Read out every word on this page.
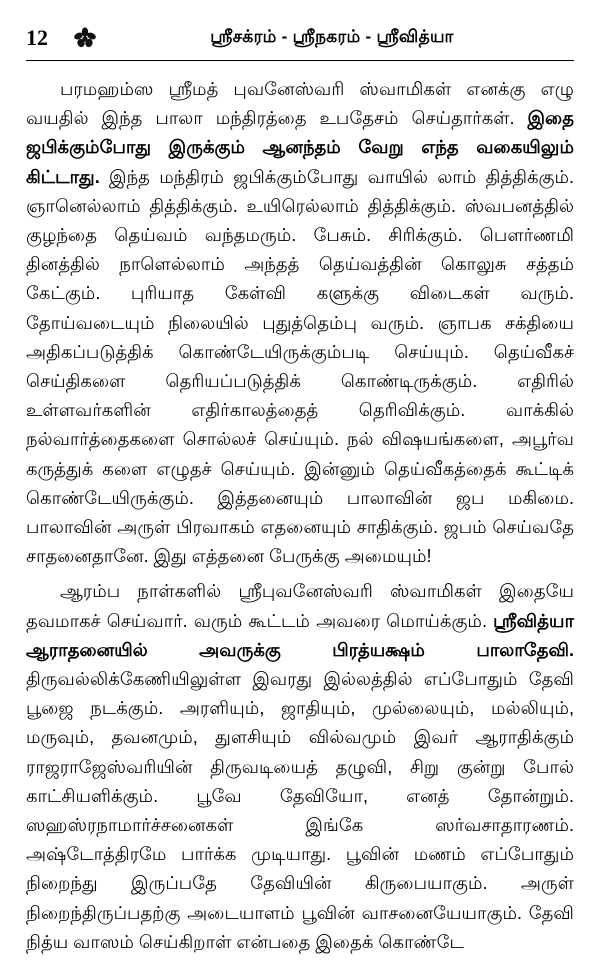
12	ஸ்ரீசக்ரம் - ஸ்ரீநகரம் - ஸ்ரீவித்யா

பரமஹம்ஸ ஸ்ரீமத் புவனேஸ்வரி ஸ்வாமிகள் எனக்கு எழு வயதில் இந்த பாலா மந்திரத்தை உபதேசம் செய்தார்கள். இதை ஜபிக்கும்போது இருக்கும் ஆனந்தம் வேறு எந்த வகையிலும் கிட்டாது. இந்த மந்திரம் ஜபிக்கும்போது வாயில் லாம் தித்திக்கும். ஞானெல்லாம் தித்திக்கும். உயிரெல்லாம் தித்திக்கும். ஸ்வபனத்தில் குழந்தை தெய்வம் வந்தமரும். பேசும். சிரிக்கும். பௌர்ணமி தினத்தில் நாளெல்லாம் அந்தத் தெய்வத்தின் கொலுசு சத்தம் கேட்கும். புரியாத கேள்வி களுக்கு விடைகள் வரும். தோய்வடையும் நிலையில் புதுத்தெம்பு வரும். ஞாபக சக்தியை அதிகப்படுத்திக் கொண்டேயிருக்கும்படி செய்யும். தெய்வீகச் செய்திகளை தெரியப்படுத்திக் கொண்டிருக்கும். எதிரில் உள்ளவர்களின் எதிர்காலத்தைத் தெரிவிக்கும். வாக்கில் நல்வார்த்தைகளை சொல்லச் செய்யும். நல் விஷயங்களை, அபூர்வ கருத்துக் களை எழுதச் செய்யும். இன்னும் தெய்வீகத்தைக் கூட்டிக் கொண்டேயிருக்கும். இத்தனையும் பாலாவின் ஜப மகிமை. பாலாவின் அருள் பிரவாகம் எதனையும் சாதிக்கும். ஜபம் செய்வதே சாதனைதானே. இது எத்தனை பேருக்கு அமையும்!

ஆரம்ப நாள்களில் ஸ்ரீபுவனேஸ்வரி ஸ்வாமிகள் இதையே தவமாகச் செய்வார். வரும் கூட்டம் அவரை மொய்க்கும். ஸ்ரீவித்யா ஆராதனையில் அவருக்கு பிரத்யக்ஷம் பாலாதேவி. திருவல்லிக்கேணியிலுள்ள இவரது இல்லத்தில் எப்போதும் தேவி பூஜை நடக்கும். அரளியும், ஜாதியும், முல்லையும், மல்லியும், மருவும், தவனமும், துளசியும் வில்வமும் இவர் ஆராதிக்கும் ராஜராஜேஸ்வரியின் திருவடியைத் தழுவி, சிறு குன்று போல் காட்சியளிக்கும். பூவே தேவியோ, எனத் தோன்றும். ஸஹஸ்ரநாமார்ச்சனைகள் இங்கே ஸர்வசாதாரணம். அஷ்டோத்திரமே பார்க்க முடியாது. பூவின் மணம் எப்போதும் நிறைந்து இருப்பதே தேவியின் கிருபையாகும். அருள் நிறைந்திருப்பதற்கு அடையாளம் பூவின் வாசனையேயாகும். தேவி நித்ய வாஸம் செய்கிறாள் என்பதை இதைக் கொண்டே
